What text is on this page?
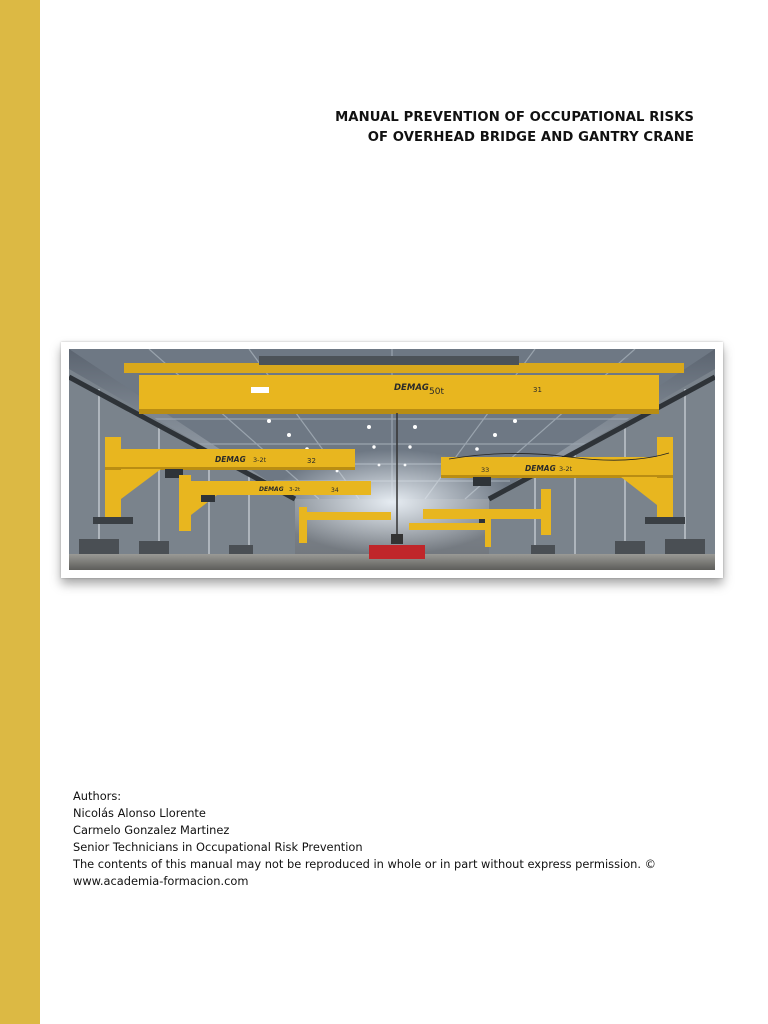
MANUAL PREVENTION OF OCCUPATIONAL RISKS
OF OVERHEAD BRIDGE AND GANTRY CRANE
DEMAG 50t	31
DEMAG 3-2t	32
DEMAG 3-2t	34
33	DEMAG 3-2t
Authors:
Nicolás Alonso Llorente
Carmelo Gonzalez Martinez
Senior Technicians in Occupational Risk Prevention
The contents of this manual may not be reproduced in whole or in part without express permission. ©
www.academia-formacion.com
